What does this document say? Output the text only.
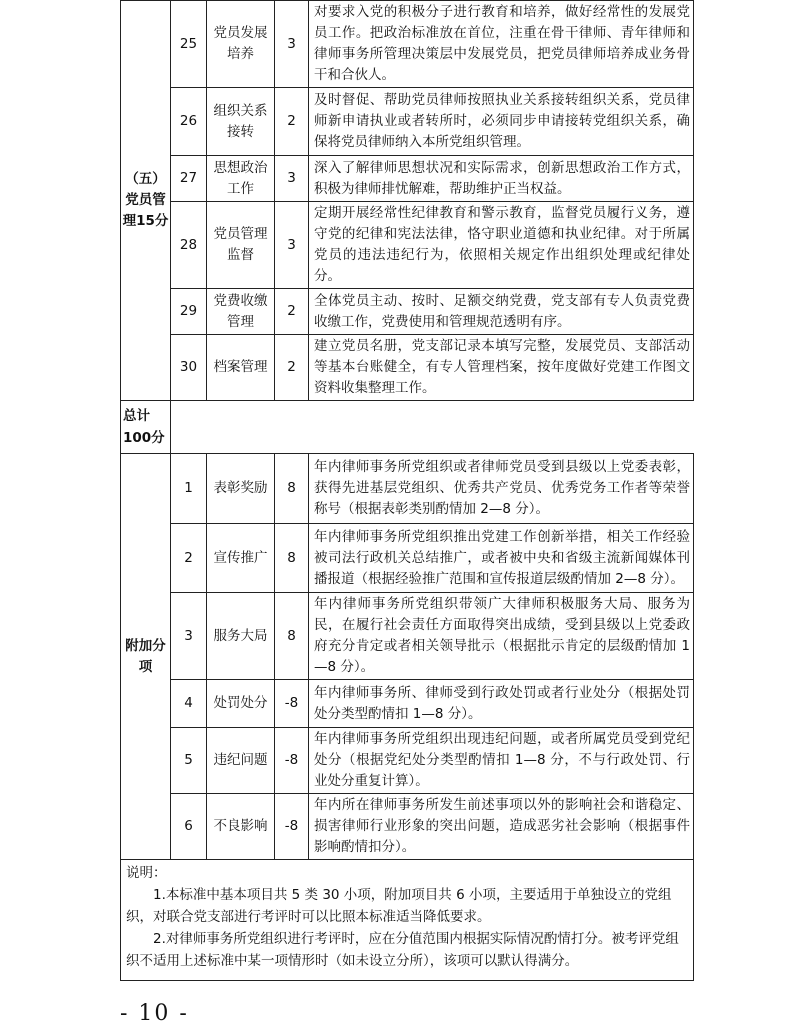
（五）党员管理15分	25	党员发展培养	3	对要求入党的积极分子进行教育和培养，做好经常性的发展党员工作。把政治标准放在首位，注重在骨干律师、青年律师和律师事务所管理决策层中发展党员，把党员律师培养成业务骨干和合伙人。
	26	组织关系接转	2	及时督促、帮助党员律师按照执业关系接转组织关系，党员律师新申请执业或者转所时，必须同步申请接转党组织关系，确保将党员律师纳入本所党组织管理。
	27	思想政治工作	3	深入了解律师思想状况和实际需求，创新思想政治工作方式，积极为律师排忧解难，帮助维护正当权益。
	28	党员管理监督	3	定期开展经常性纪律教育和警示教育，监督党员履行义务，遵守党的纪律和宪法法律，恪守职业道德和执业纪律。对于所属党员的违法违纪行为，依照相关规定作出组织处理或纪律处分。
	29	党费收缴管理	2	全体党员主动、按时、足额交纳党费，党支部有专人负责党费收缴工作，党费使用和管理规范透明有序。
	30	档案管理	2	建立党员名册，党支部记录本填写完整，发展党员、支部活动等基本台账健全，有专人管理档案，按年度做好党建工作图文资料收集整理工作。
总计100分				
附加分项	1	表彰奖励	8	年内律师事务所党组织或者律师党员受到县级以上党委表彰，获得先进基层党组织、优秀共产党员、优秀党务工作者等荣誉称号（根据表彰类别酌情加 2—8 分）。
	2	宣传推广	8	年内律师事务所党组织推出党建工作创新举措，相关工作经验被司法行政机关总结推广，或者被中央和省级主流新闻媒体刊播报道（根据经验推广范围和宣传报道层级酌情加 2—8 分）。
	3	服务大局	8	年内律师事务所党组织带领广大律师积极服务大局、服务为民，在履行社会责任方面取得突出成绩，受到县级以上党委政府充分肯定或者相关领导批示（根据批示肯定的层级酌情加 1—8 分）。
	4	处罚处分	-8	年内律师事务所、律师受到行政处罚或者行业处分（根据处罚处分类型酌情扣 1—8 分）。
	5	违纪问题	-8	年内律师事务所党组织出现违纪问题，或者所属党员受到党纪处分（根据党纪处分类型酌情扣 1—8 分，不与行政处罚、行业处分重复计算）。
	6	不良影响	-8	年内所在律师事务所发生前述事项以外的影响社会和谐稳定、损害律师行业形象的突出问题，造成恶劣社会影响（根据事件影响酌情扣分）。

说明：
1.本标准中基本项目共 5 类 30 小项，附加项目共 6 小项，主要适用于单独设立的党组织，对联合党支部进行考评时可以比照本标准适当降低要求。
2.对律师事务所党组织进行考评时，应在分值范围内根据实际情况酌情打分。被考评党组织不适用上述标准中某一项情形时（如未设立分所），该项可以默认得满分。				
- 10 -
